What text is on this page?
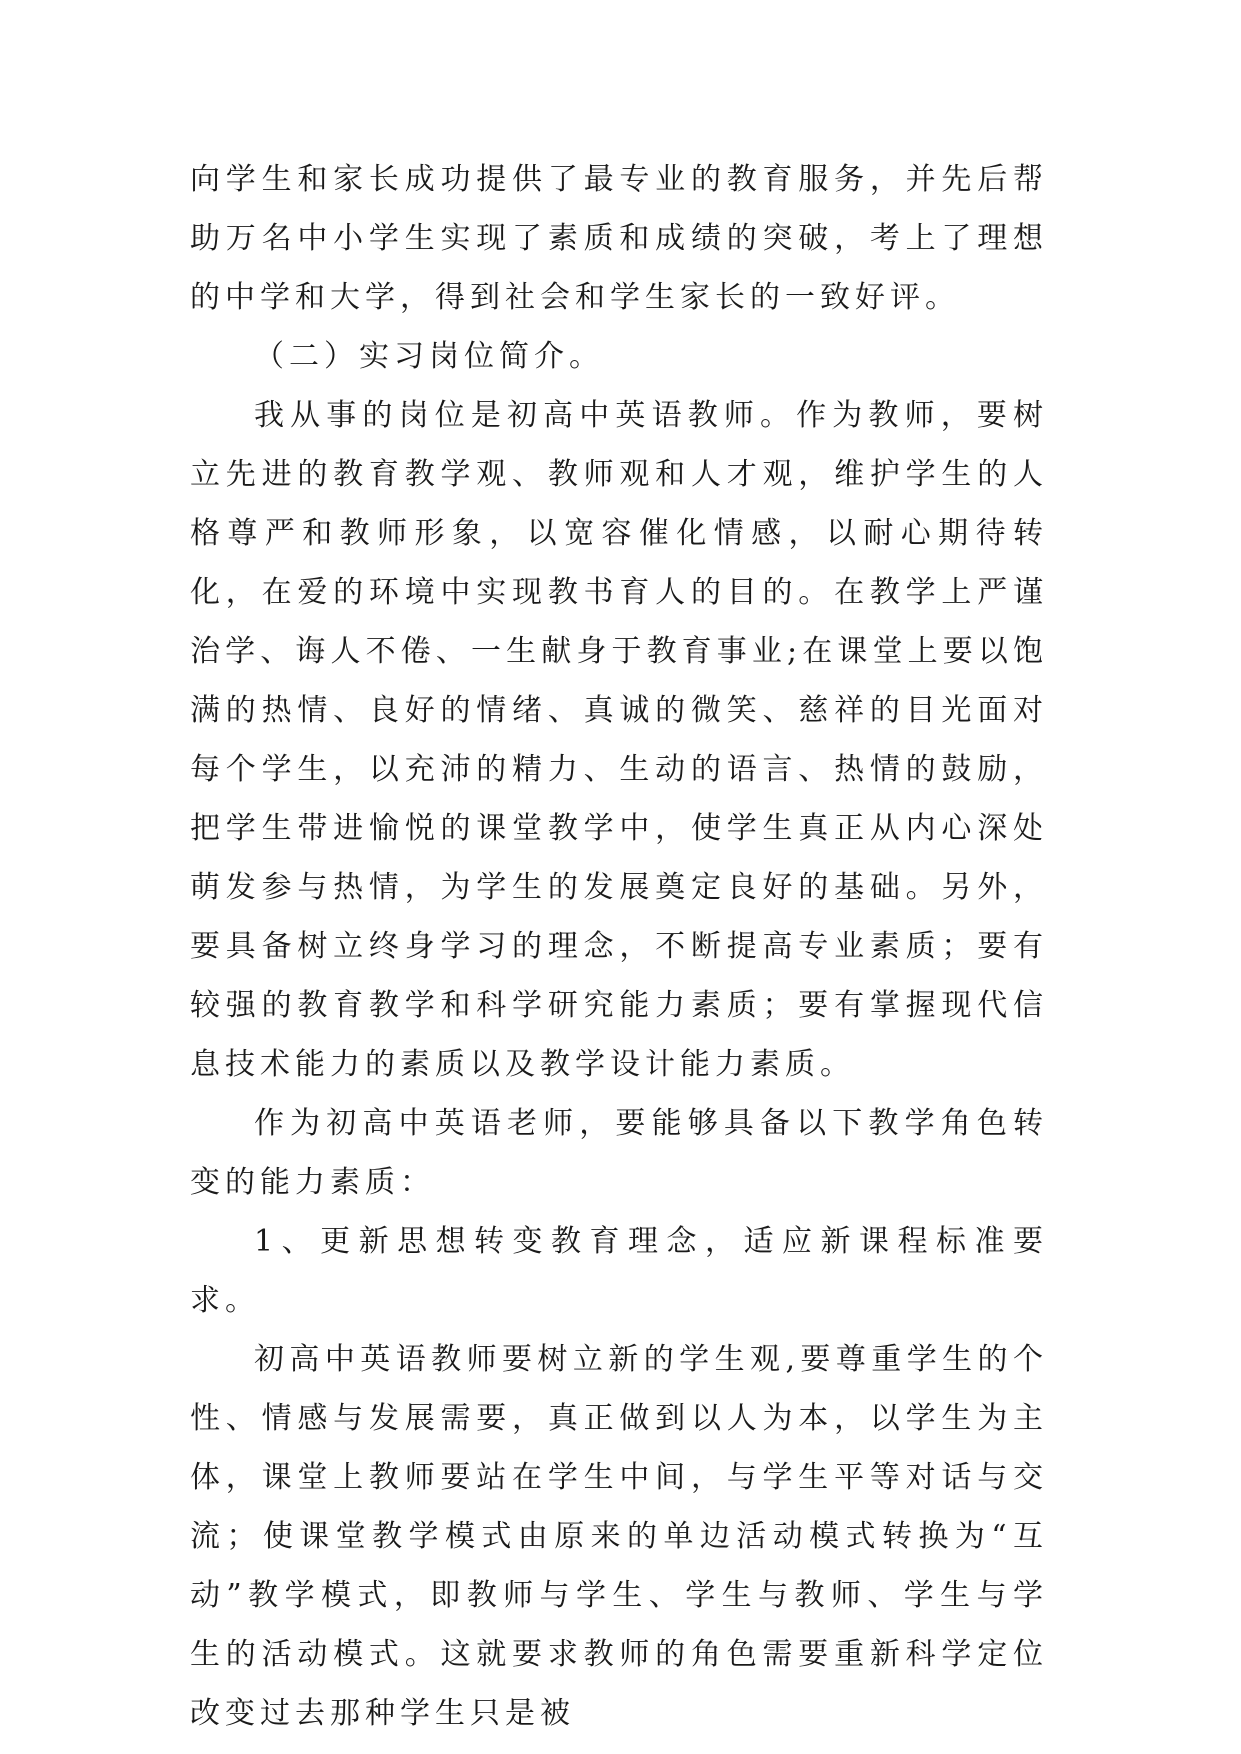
向学生和家长成功提供了最专业的教育服务，并先后帮助万名中小学生实现了素质和成绩的突破，考上了理想的中学和大学，得到社会和学生家长的一致好评。

（二）实习岗位简介。

我从事的岗位是初高中英语教师。作为教师，要树立先进的教育教学观、教师观和人才观，维护学生的人格尊严和教师形象，以宽容催化情感，以耐心期待转化，在爱的环境中实现教书育人的目的。在教学上严谨治学、诲人不倦、一生献身于教育事业;在课堂上要以饱满的热情、良好的情绪、真诚的微笑、慈祥的目光面对每个学生，以充沛的精力、生动的语言、热情的鼓励，把学生带进愉悦的课堂教学中，使学生真正从内心深处萌发参与热情，为学生的发展奠定良好的基础。另外，要具备树立终身学习的理念，不断提高专业素质；要有较强的教育教学和科学研究能力素质；要有掌握现代信息技术能力的素质以及教学设计能力素质。

作为初高中英语老师，要能够具备以下教学角色转变的能力素质：

1、更新思想转变教育理念，适应新课程标准要求。

初高中英语教师要树立新的学生观,要尊重学生的个性、情感与发展需要，真正做到以人为本，以学生为主体，课堂上教师要站在学生中间，与学生平等对话与交流；使课堂教学模式由原来的单边活动模式转换为“互动”教学模式，即教师与学生、学生与教师、学生与学生的活动模式。这就要求教师的角色需要重新科学定位改变过去那种学生只是被
